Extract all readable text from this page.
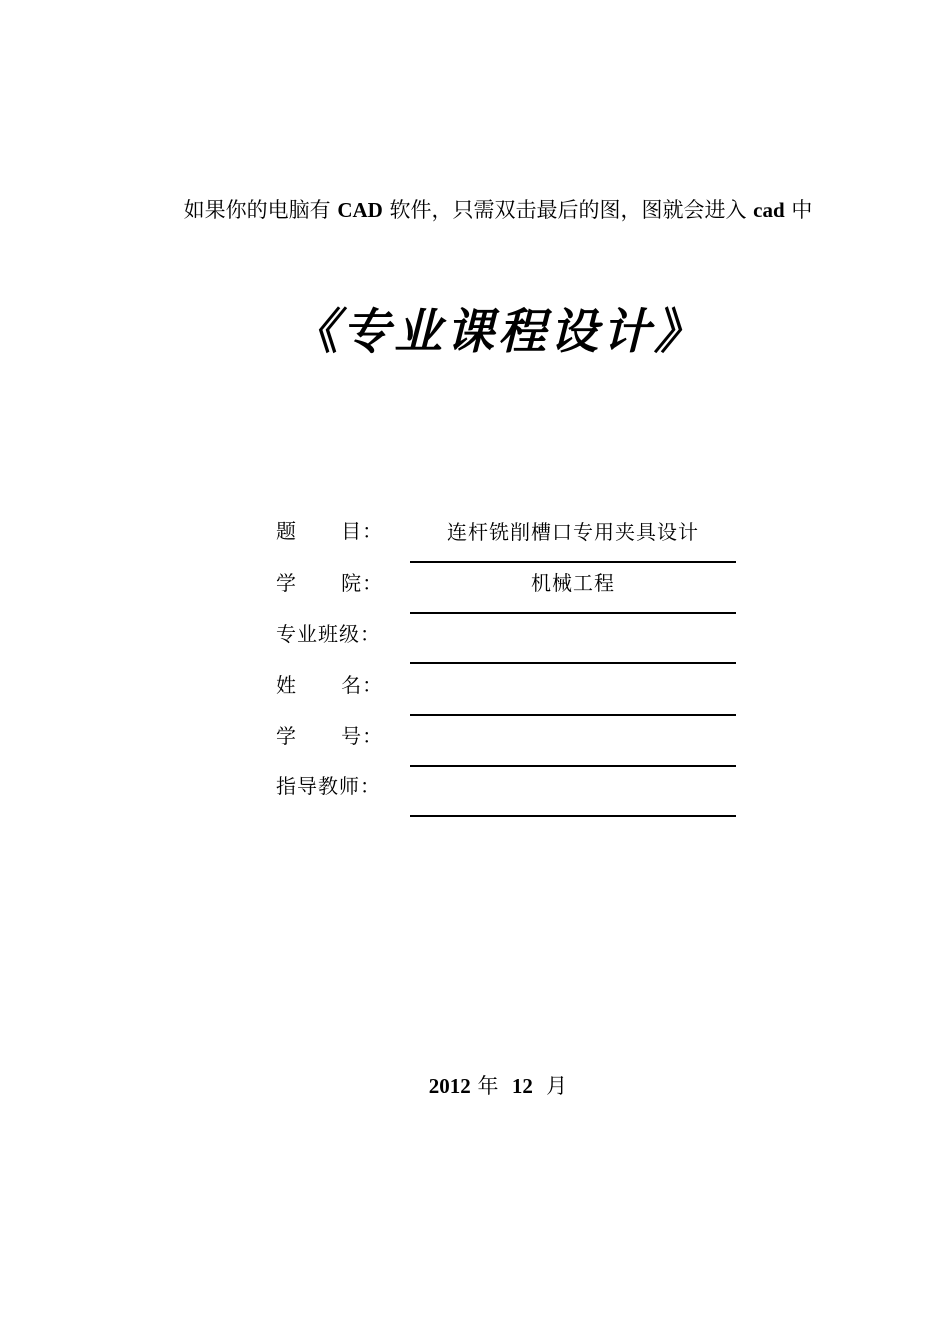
如果你的电脑有 CAD 软件，只需双击最后的图，图就会进入 cad 中
《专业课程设计》
题      目：	连杆铣削槽口专用夹具设计
学      院：	机械工程
专业班级：
姓      名：
学      号：
指导教师：
2012 年  12  月
